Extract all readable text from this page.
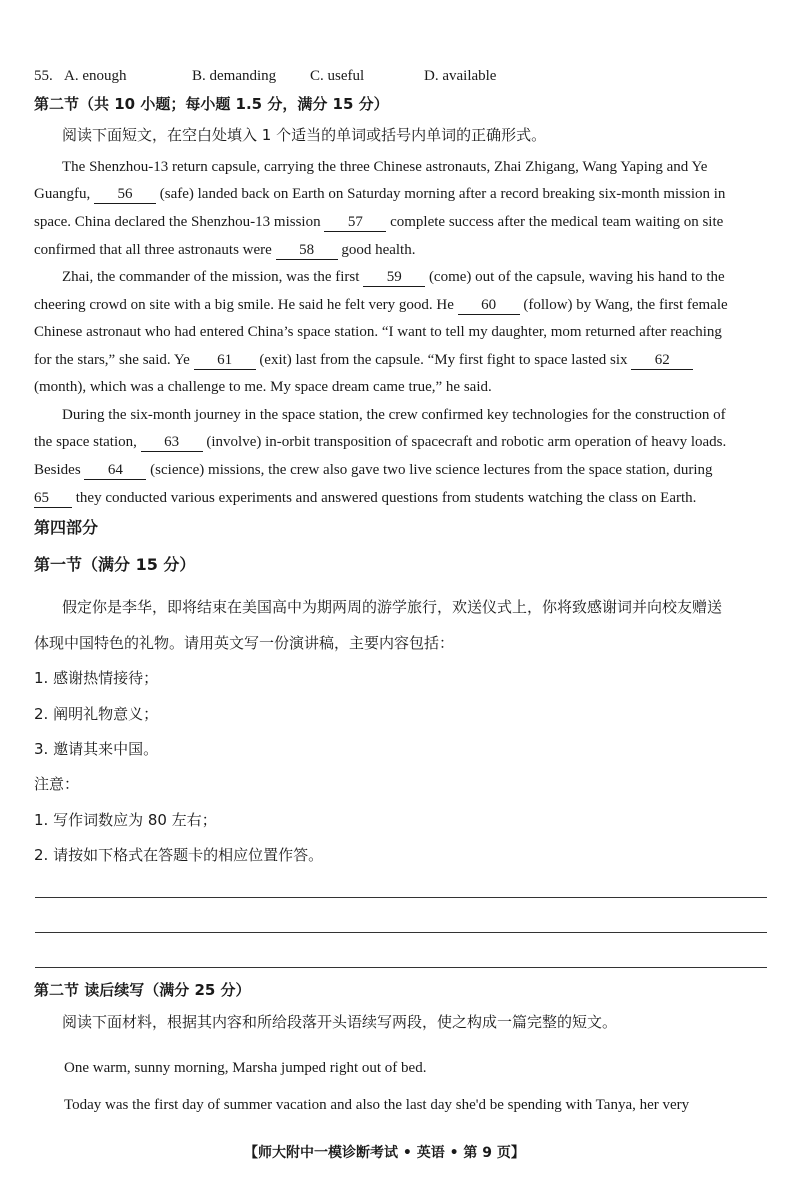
55. A. enough	B. demanding C. useful	D. available
第二节（共 10 小题；每小题 1.5 分，满分 15 分）
阅读下面短文，在空白处填入 1 个适当的单词或括号内单词的正确形式。
The Shenzhou-13 return capsule, carrying the three Chinese astronauts, Zhai Zhigang, Wang Yaping and Ye
Guangfu, 56 (safe) landed back on Earth on Saturday morning after a record breaking six-month mission in
space. China declared the Shenzhou-13 mission 57 complete success after the medical team waiting on site
confirmed that all three astronauts were 58 good health.
Zhai, the commander of the mission, was the first 59 (come) out of the capsule, waving his hand to the
cheering crowd on site with a big smile. He said he felt very good. He 60 (follow) by Wang, the first female
Chinese astronaut who had entered China’s space station. “I want to tell my daughter, mom returned after reaching
for the stars,” she said. Ye 61 (exit) last from the capsule. “My first fight to space lasted six 62
(month), which was a challenge to me. My space dream came true,” he said.
During the six-month journey in the space station, the crew confirmed key technologies for the construction of
the space station, 63 (involve) in-orbit transposition of spacecraft and robotic arm operation of heavy loads.
Besides 64 (science) missions, the crew also gave two live science lectures from the space station, during
65 they conducted various experiments and answered questions from students watching the class on Earth.
第四部分
第一节（满分 15 分）
假定你是李华，即将结束在美国高中为期两周的游学旅行，欢送仪式上，你将致感谢词并向校友赠送
体现中国特色的礼物。请用英文写一份演讲稿，主要内容包括：
1. 感谢热情接待；
2. 阐明礼物意义；
3. 邀请其来中国。
注意：
1. 写作词数应为 80 左右；
2. 请按如下格式在答题卡的相应位置作答。
第二节 读后续写（满分 25 分）
阅读下面材料，根据其内容和所给段落开头语续写两段，使之构成一篇完整的短文。
One warm, sunny morning, Marsha jumped right out of bed.
Today was the first day of summer vacation and also the last day she'd be spending with Tanya, her very
【师大附中一模诊断考试 • 英语 • 第 9 页】
